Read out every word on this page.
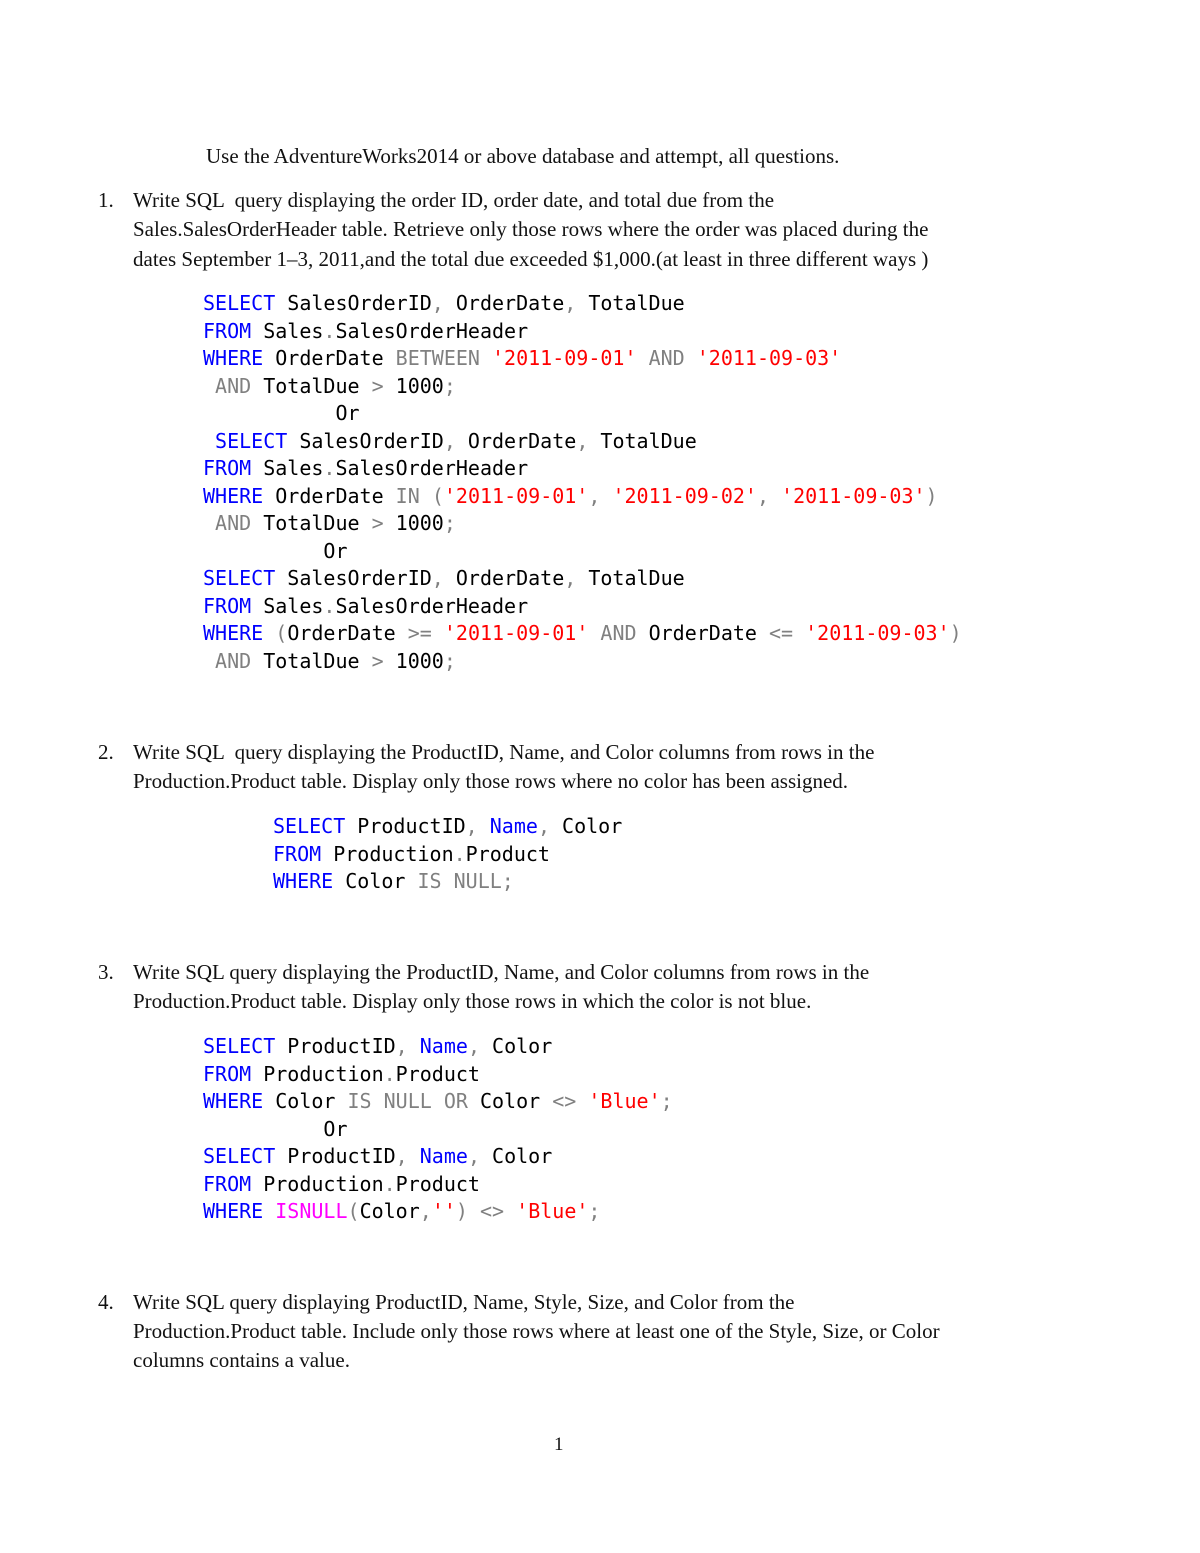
Use the AdventureWorks2014 or above database and attempt, all questions.
1. Write SQL  query displaying the order ID, order date, and total due from the
Sales.SalesOrderHeader table. Retrieve only those rows where the order was placed during the
dates September 1–3, 2011,and the total due exceeded $1,000.(at least in three different ways )
SELECT SalesOrderID, OrderDate, TotalDue
FROM Sales.SalesOrderHeader
WHERE OrderDate BETWEEN '2011-09-01' AND '2011-09-03'
AND TotalDue > 1000;
Or
SELECT SalesOrderID, OrderDate, TotalDue
FROM Sales.SalesOrderHeader
WHERE OrderDate IN ('2011-09-01', '2011-09-02', '2011-09-03')
AND TotalDue > 1000;
Or
SELECT SalesOrderID, OrderDate, TotalDue
FROM Sales.SalesOrderHeader
WHERE (OrderDate >= '2011-09-01' AND OrderDate <= '2011-09-03')
AND TotalDue > 1000;
2. Write SQL  query displaying the ProductID, Name, and Color columns from rows in the
Production.Product table. Display only those rows where no color has been assigned.
SELECT ProductID, Name, Color
FROM Production.Product
WHERE Color IS NULL;
3. Write SQL query displaying the ProductID, Name, and Color columns from rows in the
Production.Product table. Display only those rows in which the color is not blue.
SELECT ProductID, Name, Color
FROM Production.Product
WHERE Color IS NULL OR Color <> 'Blue';
Or
SELECT ProductID, Name, Color
FROM Production.Product
WHERE ISNULL(Color,'') <> 'Blue';
4. Write SQL query displaying ProductID, Name, Style, Size, and Color from the
Production.Product table. Include only those rows where at least one of the Style, Size, or Color
columns contains a value.
1
